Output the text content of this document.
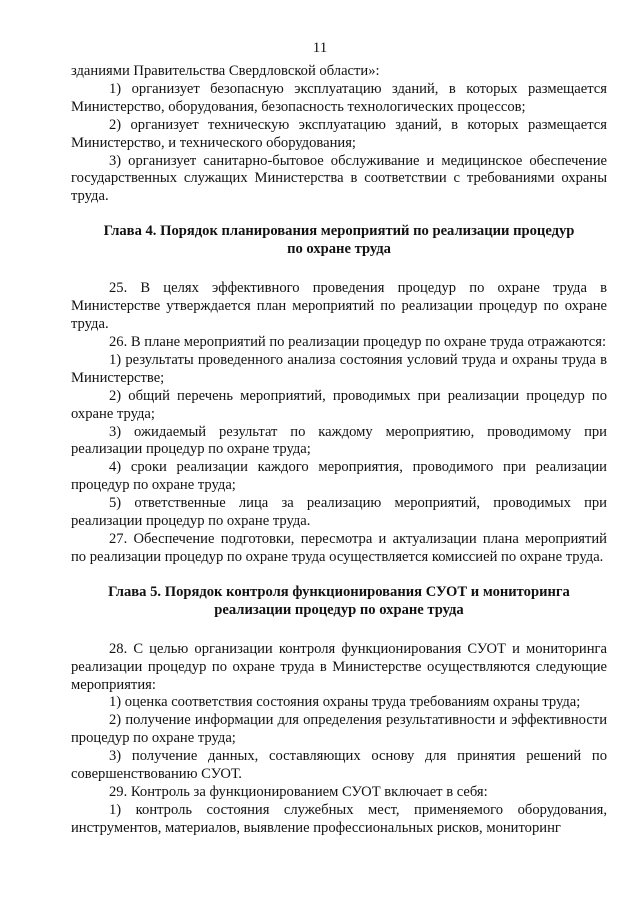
11

зданиями Правительства Свердловской области»:

1) организует безопасную эксплуатацию зданий, в которых размещается Министерство, оборудования, безопасность технологических процессов;

2) организует техническую эксплуатацию зданий, в которых размещается Министерство, и технического оборудования;

3) организует санитарно-бытовое обслуживание и медицинское обеспечение государственных служащих Министерства в соответствии с требованиями охраны труда.

Глава 4. Порядок планирования мероприятий по реализации процедур
по охране труда

25. В целях эффективного проведения процедур по охране труда в Министерстве утверждается план мероприятий по реализации процедур по охране труда.

26. В плане мероприятий по реализации процедур по охране труда отражаются:

1) результаты проведенного анализа состояния условий труда и охраны труда в Министерстве;

2) общий перечень мероприятий, проводимых при реализации процедур по охране труда;

3) ожидаемый результат по каждому мероприятию, проводимому при реализации процедур по охране труда;

4) сроки реализации каждого мероприятия, проводимого при реализации процедур по охране труда;

5) ответственные лица за реализацию мероприятий, проводимых при реализации процедур по охране труда.

27. Обеспечение подготовки, пересмотра и актуализации плана мероприятий по реализации процедур по охране труда осуществляется комиссией по охране труда.

Глава 5. Порядок контроля функционирования СУОТ и мониторинга
реализации процедур по охране труда

28. С целью организации контроля функционирования СУОТ и мониторинга реализации процедур по охране труда в Министерстве осуществляются следующие мероприятия:

1) оценка соответствия состояния охраны труда требованиям охраны труда;

2) получение информации для определения результативности и эффективности процедур по охране труда;

3) получение данных, составляющих основу для принятия решений по совершенствованию СУОТ.

29. Контроль за функционированием СУОТ включает в себя:

1) контроль состояния служебных мест, применяемого оборудования, инструментов, материалов, выявление профессиональных рисков, мониторинг
